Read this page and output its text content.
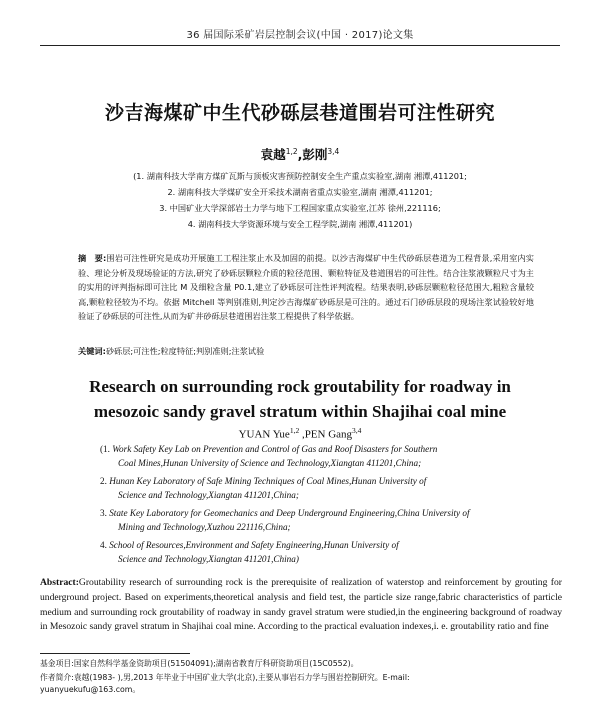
36 届国际采矿岩层控制会议(中国 · 2017)论文集
沙吉海煤矿中生代砂砾层巷道围岩可注性研究
袁越$^{1,2}$,彭刚$^{3,4}$
(1. 湖南科技大学南方煤矿瓦斯与顶板灾害预防控制安全生产重点实验室,湖南 湘潭,411201;
2. 湖南科技大学煤矿安全开采技术湖南省重点实验室,湖南 湘潭,411201;
3. 中国矿业大学深部岩土力学与地下工程国家重点实验室,江苏 徐州,221116;
4. 湖南科技大学资源环境与安全工程学院,湖南 湘潭,411201)
摘　要:围岩可注性研究是成功开展施工工程注浆止水及加固的前提。以沙吉海煤矿中生代砂砾层巷道为工程背景,采用室内实验、理论分析及现场验证的方法,研究了砂砾层颗粒介质的粒径范围、颗粒特征及巷道围岩的可注性。结合注浆液颗粒尺寸为主的实用的评判指标即可注比 M 及细粒含量 P0.1,建立了砂砾层可注性评判流程。结果表明,砂砾层颗粒粒径范围大,粗粒含量较高,颗粒粒径较为不均。依据 Mitchell 等判别准则,判定沙吉海煤矿砂砾层是可注的。通过石门砂砾层段的现场注浆试验较好地验证了砂砾层的可注性,从而为矿井砂砾层巷道围岩注浆工程提供了科学依据。
关键词:砂砾层;可注性;粒度特征;判别准则;注浆试验
Research on surrounding rock groutability for roadway in mesozoic sandy gravel stratum within Shajihai coal mine
YUAN Yue$^{1,2}$ ,PEN Gang$^{3,4}$
(1. Work Safety Key Lab on Prevention and Control of Gas and Roof Disasters for Southern
Coal Mines,Hunan University of Science and Technology,Xiangtan 411201,China;
2. Hunan Key Laboratory of Safe Mining Techniques of Coal Mines,Hunan University of
Science and Technology,Xiangtan 411201,China;
3. State Key Laboratory for Geomechanics and Deep Underground Engineering,China University of
Mining and Technology,Xuzhou 221116,China;
4. School of Resources,Environment and Safety Engineering,Hunan University of
Science and Technology,Xiangtan 411201,China)
Abstract:Groutability research of surrounding rock is the prerequisite of realization of waterstop and reinforcement by grouting for underground project. Based on experiments,theoretical analysis and field test, the particle size range,fabric characteristics of particle medium and surrounding rock groutability of roadway in sandy gravel stratum were studied,in the engineering background of roadway in Mesozoic sandy gravel stratum in Shajihai coal mine. According to the practical evaluation indexes,i. e. groutability ratio and fine
基金项目:国家自然科学基金资助项目(51504091);湖南省教育厅科研资助项目(15C0552)。
作者简介:袁越(1983- ),男,2013 年毕业于中国矿业大学(北京),主要从事岩石力学与围岩控制研究。E-mail:
yuanyuekufu@163.com。
